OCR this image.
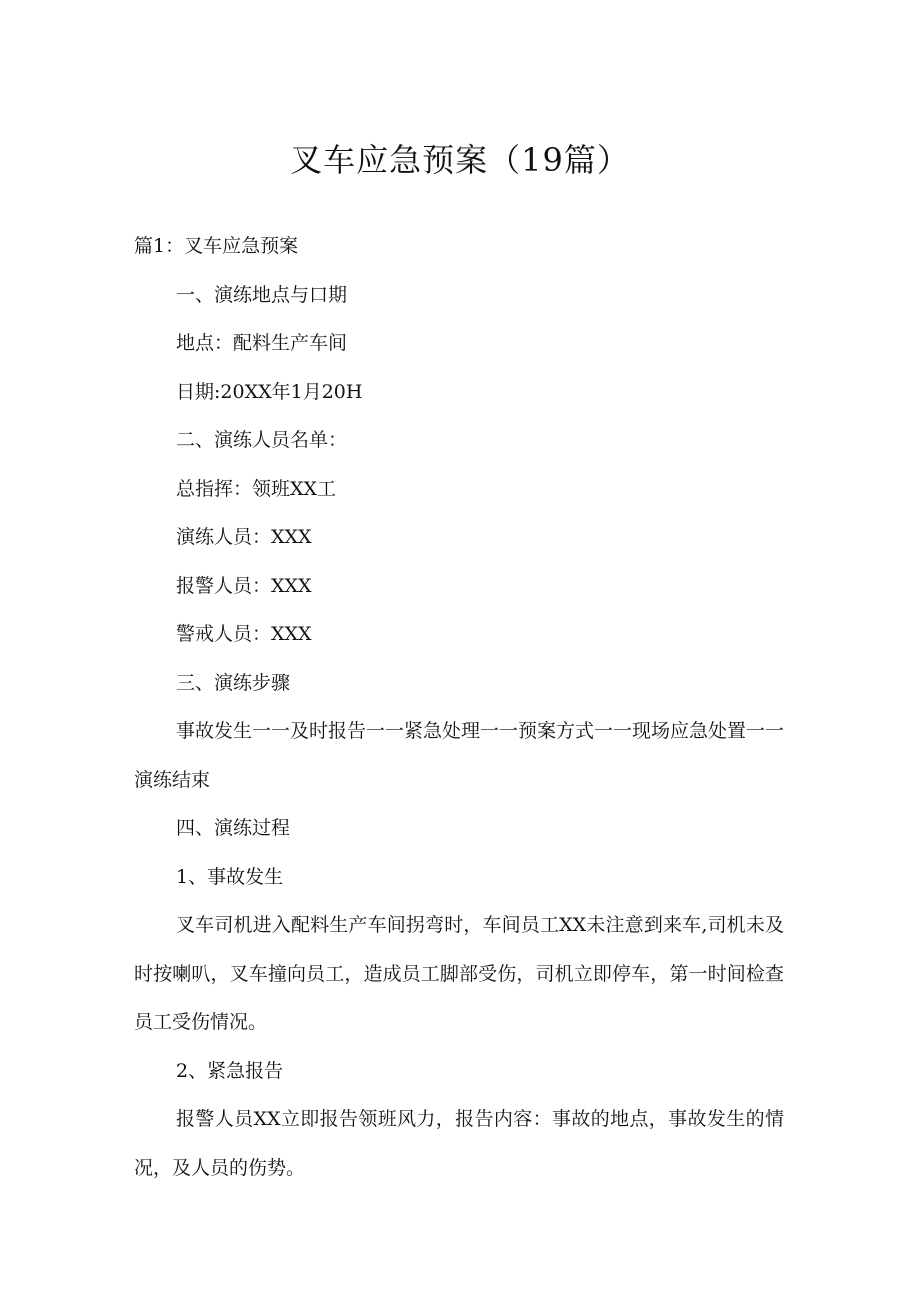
叉车应急预案（19篇）

篇1：叉车应急预案

一、演练地点与口期

地点：配料生产车间

日期:20XX年1月20H

二、演练人员名单：

总指挥：领班XX工

演练人员：XXX

报警人员：XXX

警戒人员：XXX

三、演练步骤

事故发生一一及时报告一一紧急处理一一预案方式一一现场应急处置一一演练结束

四、演练过程

1、事故发生

叉车司机进入配料生产车间拐弯时，车间员工XX未注意到来车,司机未及时按喇叭，叉车撞向员工，造成员工脚部受伤，司机立即停车，第一时间检查员工受伤情况。

2、紧急报告

报警人员XX立即报告领班风力，报告内容：事故的地点，事故发生的情况，及人员的伤势。
